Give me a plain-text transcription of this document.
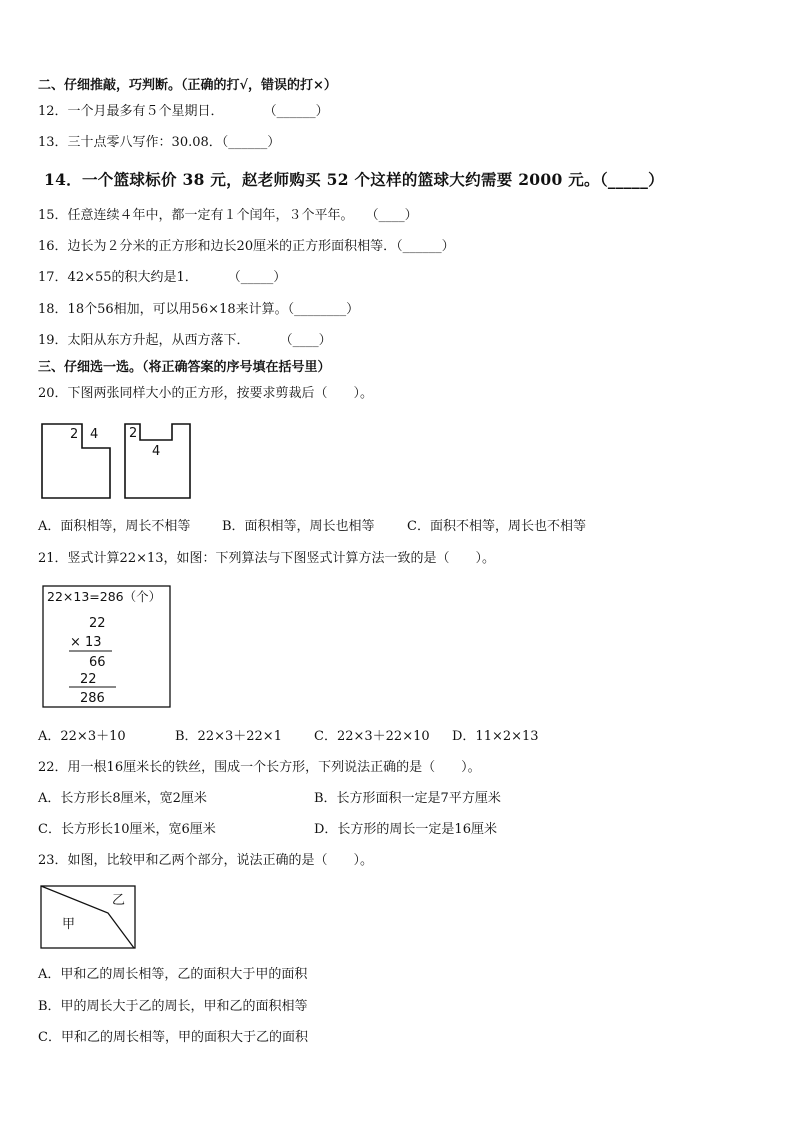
二、仔细推敲，巧判断。（正确的打√，错误的打×）
12．一个月最多有５个星期日．	（______）
13．三十点零八写作：30.08．（______）
14．一个篮球标价 38 元，赵老师购买 52 个这样的篮球大约需要 2000 元。（_____）
15．任意连续４年中，都一定有１个闰年，３个平年。 （____）
16．边长为２分米的正方形和边长20厘米的正方形面积相等．（______）
17．42×55的积大约是1． （_____）
18．18个56相加，可以用56×18来计算。（________）
19．太阳从东方升起，从西方落下． （____）
三、仔细选一选。（将正确答案的序号填在括号里）
20．下图两张同样大小的正方形，按要求剪裁后（　　）。
2 4 2
4
A．面积相等，周长不相等 B．面积相等，周长也相等 C．面积不相等，周长也不相等
21．竖式计算22×13，如图：下列算法与下图竖式计算方法一致的是（　　）。
22×13=286（个）
22
× 13
66
22
286
A．22×3＋10	B．22×3＋22×1 C．22×3＋22×10 D．11×2×13
22．用一根16厘米长的铁丝，围成一个长方形，下列说法正确的是（　　）。
A．长方形长8厘米，宽2厘米	B．长方形面积一定是7平方厘米
C．长方形长10厘米，宽6厘米	D．长方形的周长一定是16厘米
23．如图，比较甲和乙两个部分，说法正确的是（　　）。
甲
乙
A．甲和乙的周长相等，乙的面积大于甲的面积
B．甲的周长大于乙的周长，甲和乙的面积相等
C．甲和乙的周长相等，甲的面积大于乙的面积
